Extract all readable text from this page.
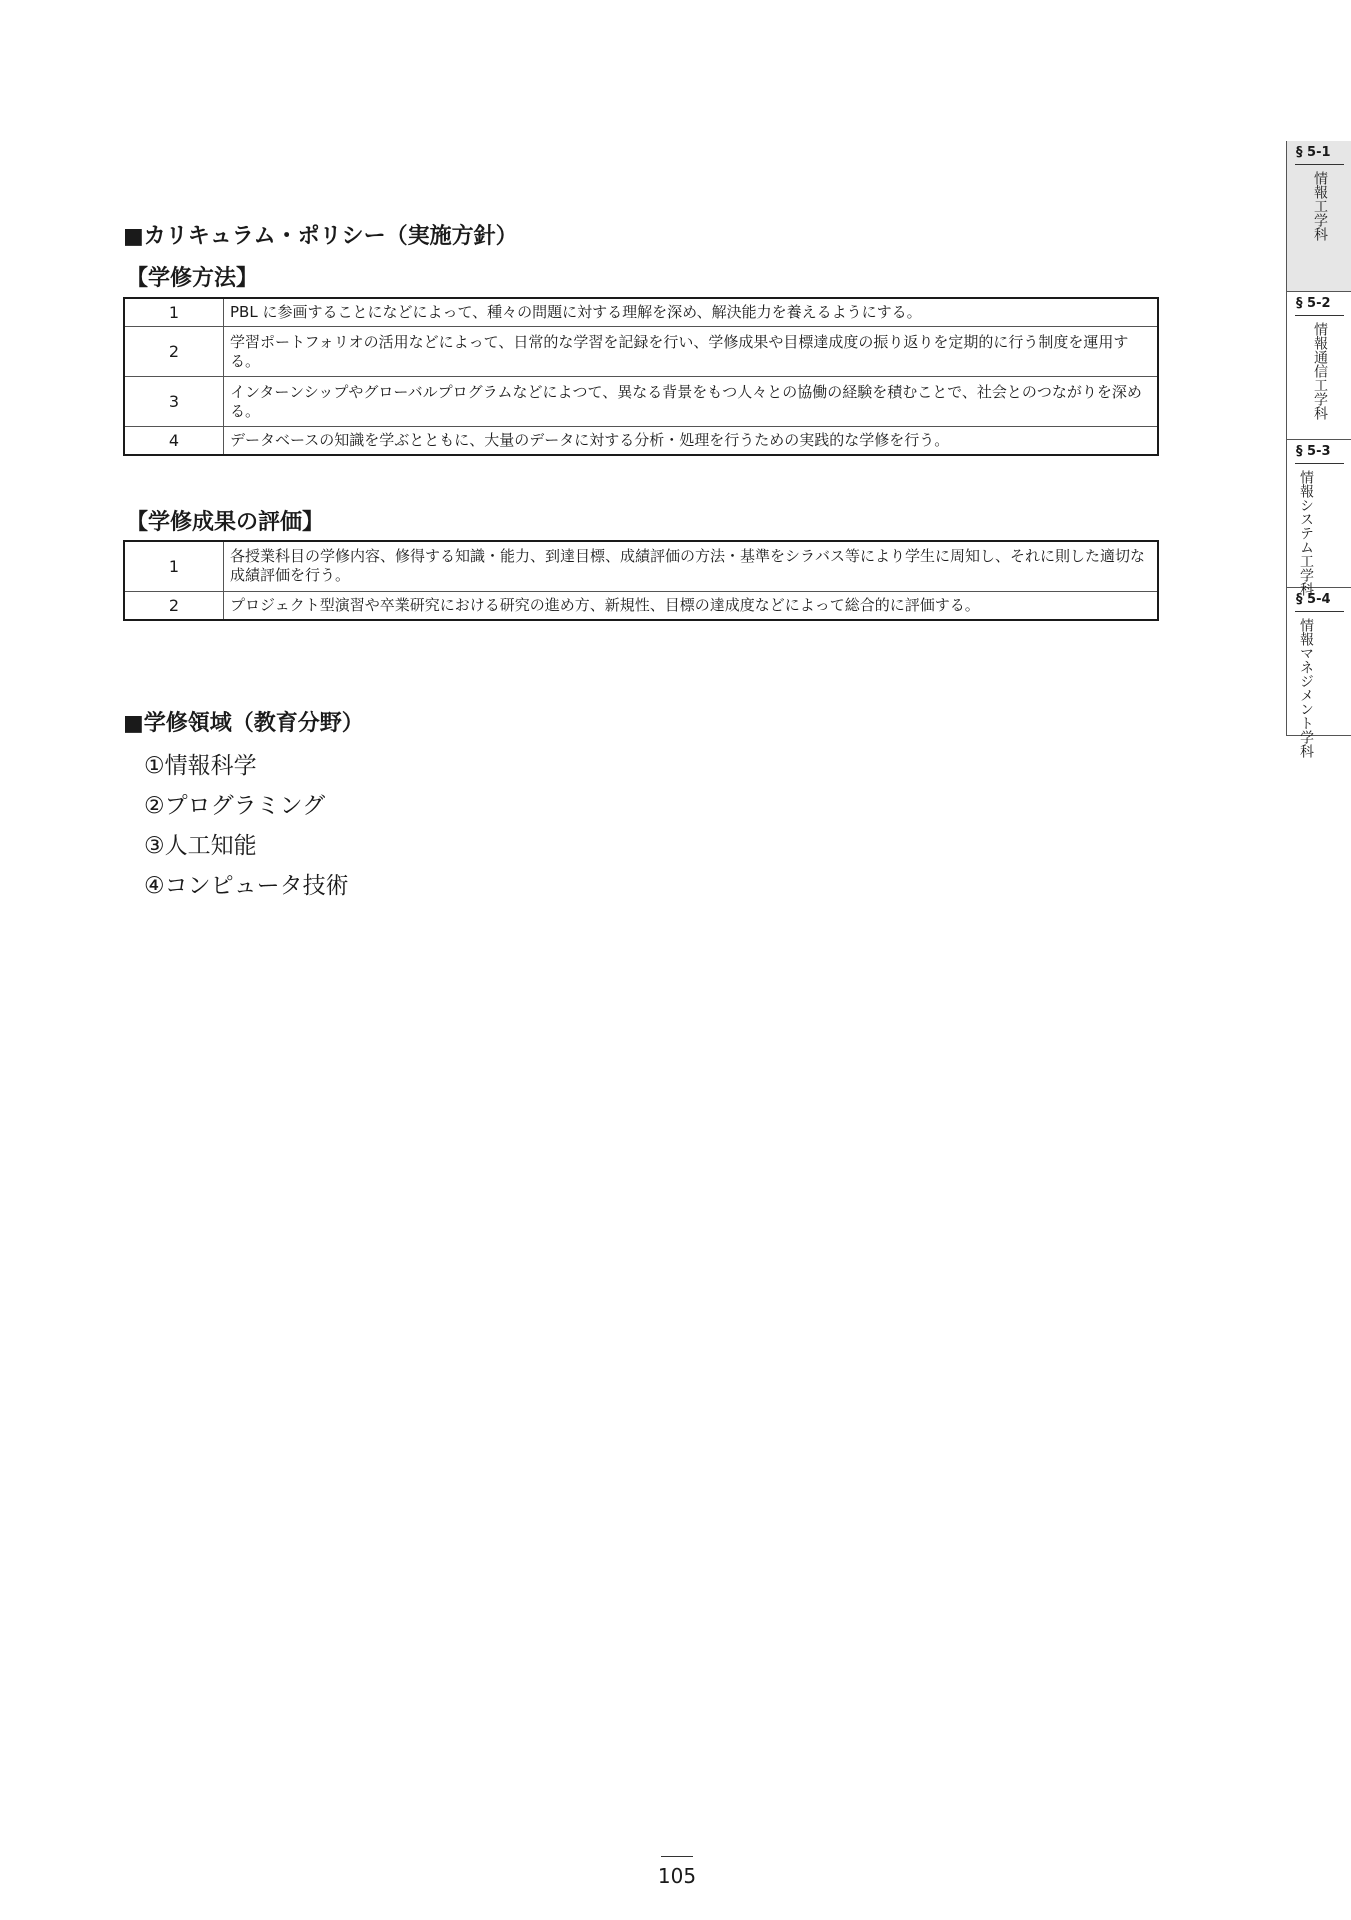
■カリキュラム・ポリシー（実施方針）
【学修方法】
1	PBL に参画することになどによって、種々の問題に対する理解を深め、解決能力を養えるようにする。
2	学習ポートフォリオの活用などによって、日常的な学習を記録を行い、学修成果や目標達成度の振り返りを定期的に行う制度を運用する。
3	インターンシップやグローバルプログラムなどによつて、異なる背景をもつ人々との協働の経験を積むことで、社会とのつながりを深める。
4	データベースの知識を学ぶとともに、大量のデータに対する分析・処理を行うための実践的な学修を行う。
【学修成果の評価】
1	各授業科目の学修内容、修得する知識・能力、到達目標、成績評価の方法・基準をシラバス等により学生に周知し、それに則した適切な成績評価を行う。
2	プロジェクト型演習や卒業研究における研究の進め方、新規性、目標の達成度などによって総合的に評価する。
■学修領域（教育分野）
①情報科学
②プログラミング
③人工知能
④コンピュータ技術
§ 5-1
情報工学科
§ 5-2
情報通信工学科
§ 5-3
情報システム工学科
§ 5-4
情報マネジメント学科
105
